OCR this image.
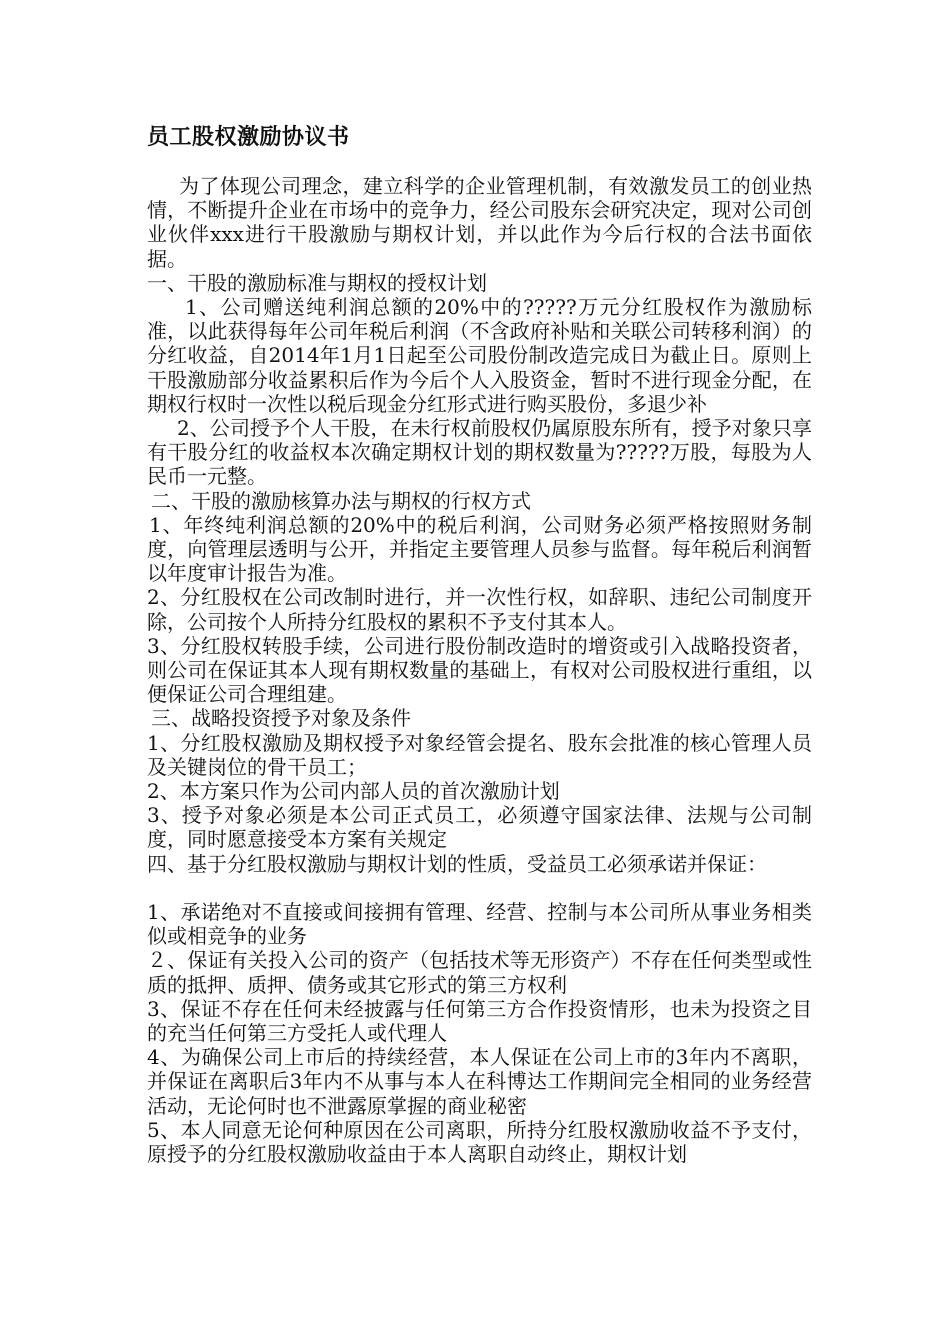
员工股权激励协议书

为了体现公司理念，建立科学的企业管理机制，有效激发员工的创业热情，不断提升企业在市场中的竞争力，经公司股东会研究决定，现对公司创业伙伴xxx进行干股激励与期权计划，并以此作为今后行权的合法书面依据。

一、干股的激励标准与期权的授权计划

1、公司赠送纯利润总额的20%中的?????万元分红股权作为激励标准，以此获得每年公司年税后利润（不含政府补贴和关联公司转移利润）的分红收益，自2014年1月1日起至公司股份制改造完成日为截止日。原则上干股激励部分收益累积后作为今后个人入股资金，暂时不进行现金分配，在期权行权时一次性以税后现金分红形式进行购买股份，多退少补

2、公司授予个人干股，在未行权前股权仍属原股东所有，授予对象只享有干股分红的收益权本次确定期权计划的期权数量为?????万股，每股为人民币一元整。

二、干股的激励核算办法与期权的行权方式

1、年终纯利润总额的20%中的税后利润，公司财务必须严格按照财务制度，向管理层透明与公开，并指定主要管理人员参与监督。每年税后利润暂以年度审计报告为准。

2、分红股权在公司改制时进行，并一次性行权，如辞职、违纪公司制度开除，公司按个人所持分红股权的累积不予支付其本人。

3、分红股权转股手续，公司进行股份制改造时的增资或引入战略投资者，则公司在保证其本人现有期权数量的基础上，有权对公司股权进行重组，以便保证公司合理组建。

三、战略投资授予对象及条件

1、分红股权激励及期权授予对象经管会提名、股东会批准的核心管理人员及关键岗位的骨干员工；

2、本方案只作为公司内部人员的首次激励计划

3、授予对象必须是本公司正式员工，必须遵守国家法律、法规与公司制度，同时愿意接受本方案有关规定

四、基于分红股权激励与期权计划的性质，受益员工必须承诺并保证：

1、承诺绝对不直接或间接拥有管理、经营、控制与本公司所从事业务相类似或相竞争的业务

２、保证有关投入公司的资产（包括技术等无形资产）不存在任何类型或性质的抵押、质押、债务或其它形式的第三方权利

3、保证不存在任何未经披露与任何第三方合作投资情形，也未为投资之目的充当任何第三方受托人或代理人

4、为确保公司上市后的持续经营，本人保证在公司上市的3年内不离职，并保证在离职后3年内不从事与本人在科博达工作期间完全相同的业务经营活动，无论何时也不泄露原掌握的商业秘密

5、本人同意无论何种原因在公司离职，所持分红股权激励收益不予支付，原授予的分红股权激励收益由于本人离职自动终止，期权计划
